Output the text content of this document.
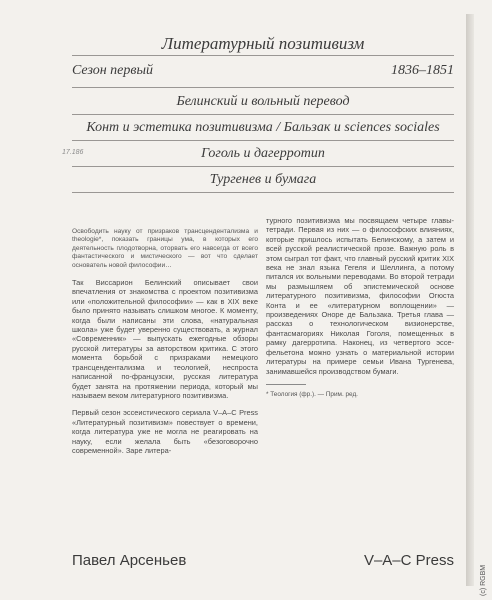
Литературный позитивизм
Сезон первый	1836–1851
Белинский и вольный перевод
Конт и эстетика позитивизма / Бальзак и sciences sociales
17.186	Гоголь и дагерротип
Тургенев и бумага

Освободить науку от призраков трансцендентализма и theologie*, показать границы ума, в которых его деятельность плодотворна, оторвать его навсегда от всего фантастического и мистического — вот что сделает основатель новой философии…

Так Виссарион Белинский описывает свои впечатления от знакомства с проектом позитивизма или «положительной философии» — как в XIX веке было принято называть слишком многое. К моменту, когда были написаны эти слова, «натуральная школа» уже будет уверенно существовать, а журнал «Современник» — выпускать ежегодные обзоры русской литературы за авторством критика. С этого момента борьбой с призраками немецкого трансцендентализма и теологией, неспроста написанной по-французски, русская литература будет занята на протяжении периода, который мы называем веком литературного позитивизма.

Первый сезон эссеистического сериала V–A–C Press «Литературный позитивизм» повествует о времени, когда литература уже не могла не реагировать на науку, если желала быть «безоговорочно современной». Заре литера-

турного позитивизма мы посвящаем четыре главы-тетради. Первая из них — о философских влияниях, которые пришлось испытать Белинскому, а затем и всей русской реалистической прозе. Важную роль в этом сыграл тот факт, что главный русский критик XIX века не знал языка Гегеля и Шеллинга, а потому питался их вольными переводами. Во второй тетради мы размышляем об эпистемической основе литературного позитивизма, философии Огюста Конта и ее «литературном воплощении» — произведениях Оноре де Бальзака. Третья глава — рассказ о технологическом визионерстве, фантасмагориях Николая Гоголя, помещенных в рамку дагерротипа. Наконец, из четвертого эссе-фельетона можно узнать о материальной истории литературы на примере семьи Ивана Тургенева, занимавшейся производством бумаги.

* Теология (фр.). — Прим. ред.
Павел Арсеньев	V–A–C Press
(c) RGBM
